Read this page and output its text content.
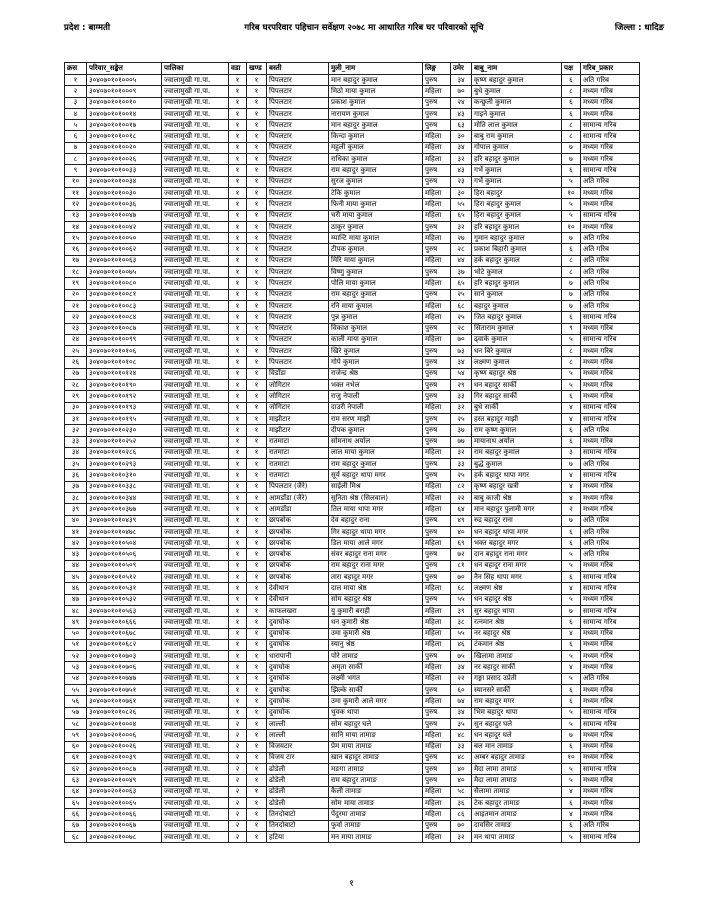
प्रदेश : बाग्मती	गरिब घरपरिवार पहिचान सर्वेक्षण २०७८ मा आधारित गरिब घर परिवारको सूचि	जिल्ला : धादिङ
क्रस	परिवार_सङ्केत	पालिका	वडा	खण्ड	बस्ती	मुली_नाम	लिङ्ग	उमेर	बाबु_नाम	पक्ष	गरिब_प्रकार
१	३०४०७०१०१०००५	ज्वालामुखी गा.पा.	१	१	पिपलटार	मान बहादुर कुमाल	पुरुष	३४	कृष्ण बहादुर कुमाल	६	अति गरिब
२	३०४०७०१०१०००९	ज्वालामुखी गा.पा.	१	१	पिपलटार	मिठो माया कुमाल	महिला	७०	बुधे कुमाल	८	मध्यम गरिब
३	३०४०७०१०१००१०	ज्वालामुखी गा.पा.	१	१	पिपलटार	प्रकाश कुमाल	पुरुष	२४	कन्छुली कुमाल	६	मध्यम गरिब
४	३०४०७०१०१००१४	ज्वालामुखी गा.पा.	१	१	पिपलटार	नारायण कुमाल	पुरुष	४३	गाइने कुमाल	६	मध्यम गरिब
५	३०४०७०१०१००१७	ज्वालामुखी गा.पा.	१	१	पिपलटार	मान बहादुर कुमाल	पुरुष	६३	मोति लाल कुमाल	८	सामान्य गरिब
६	३०४०७०१०१००१८	ज्वालामुखी गा.पा.	१	१	पिपलटार	किन्दा कुमाल	महिला	३०	बाबु राम कुमाल	८	सामान्य गरिब
७	३०४०७०१०१००२०	ज्वालामुखी गा.पा.	१	१	पिपलटार	महुली कुमाल	महिला	३४	गोपाल कुमाल	७	मध्यम गरिब
८	३०४०७०१०१००२६	ज्वालामुखी गा.पा.	१	१	पिपलटार	राधिका कुमाल	महिला	३२	हरि बहादुर कुमाल	७	मध्यम गरिब
९	३०४०७०१०१००३३	ज्वालामुखी गा.पा.	१	१	पिपलटार	राम बहादुर कुमाल	पुरुष	४३	गर्भे कुमाल	६	सामान्य गरिब
१०	३०४०७०१०१००३४	ज्वालामुखी गा.पा.	१	१	पिपलटार	सुरज कुमाल	पुरुष	२३	गर्भे कुमाल	५	अति गरिब
११	३०४०७०१०१००३०	ज्वालामुखी गा.पा.	१	१	पिपलटार	टेकि कुमाल	महिला	३०	हिरा बहादुर	१०	मध्यम गरिब
१२	३०४०७०१०१००३६	ज्वालामुखी गा.पा.	१	१	पिपलटार	फिनी माया कुमाल	महिला	५५	हिरा बहादुर कुमाल	५	मध्यम गरिब
१३	३०४०७०१०१००४७	ज्वालामुखी गा.पा.	१	१	पिपलटार	चरी माया कुमाल	महिला	६५	हिरा बहादुर कुमाल	५	सामान्य गरिब
१४	३०४०७०१०१००४२	ज्वालामुखी गा.पा.	१	१	पिपलटार	ठाकुर कुमाल	पुरुष	३२	हरि बहादुर कुमाल	१०	मध्यम गरिब
१५	३०४०७०१०१००५०	ज्वालामुखी गा.पा.	१	१	पिपलटार	म्यान्टि माया कुमाल	महिला	२७	गुमान बहादुर कुमाल	७	अति गरिब
१६	३०४०७०१०१००६२	ज्वालामुखी गा.पा.	१	१	पिपलटार	टीपक कुमाल	पुरुष	२८	प्रकाश बिहारी कुमाल	६	अति गरिब
१७	३०४०७०१०१००६३	ज्वालामुखी गा.पा.	१	१	पिपलटार	मिरि माया कुमाल	महिला	४४	हर्क बहादुर कुमाल	८	अति गरिब
१८	३०४०७०१०१००७५	ज्वालामुखी गा.पा.	१	१	पिपलटार	विष्णु कुमाल	पुरुष	३७	भोटे कुमाल	८	अति गरिब
१९	३०४०७०१०१००८०	ज्वालामुखी गा.पा.	१	१	पिपलटार	पोलि माया कुमाल	महिला	६५	हरि बहादुर कुमाल	७	अति गरिब
२०	३०४०७०१०१००८१	ज्वालामुखी गा.पा.	१	१	पिपलटार	राम बहादुर कुमाल	पुरुष	२५	साने कुमाल	७	अति गरिब
२१	३०४०७०१०१००८३	ज्वालामुखी गा.पा.	१	१	पिपलटार	रनि माया कुमाल	महिला	६८	बहादुर कुमाल	७	अति गरिब
२२	३०४०७०१०१००८४	ज्वालामुखी गा.पा.	१	१	पिपलटार	पुन्न कुमाल	महिला	२५	जित बहादुर कुमाल	६	सामान्य गरिब
२३	३०४०७०१०१००८७	ज्वालामुखी गा.पा.	१	१	पिपलटार	विकाश कुमाल	पुरुष	२८	सिताराम कुमाल	९	मध्यम गरिब
२४	३०४०७०१०१००९९	ज्वालामुखी गा.पा.	१	१	पिपलटार	काली माया कुमाल	महिला	७०	ढ्वाके कुमाल	५	सामान्य गरिब
२५	३०४०७०१०१०१०६	ज्वालामुखी गा.पा.	१	१	पिपलटार	खिरे कुमाल	पुरुष	७३	धन बिरे कुमाल	८	मध्यम गरिब
२६	३०४०७०१०१०१०८	ज्वालामुखी गा.पा.	१	१	पिपलटार	गोपे कुमाल	पुरुष	३४	लक्ष्मण कुमाल	८	मध्यम गरिब
२७	३०४०७०१०१०१२४	ज्वालामुखी गा.पा.	१	१	विडाँडा	राजेन्द्र श्रेष्ठ	पुरुष	५४	कृष्ण बहादुर श्रेष्ठ	५	मध्यम गरिब
२८	३०४०७०१०१०१९०	ज्वालामुखी गा.पा.	१	१	जोगिटार	भक्त नभेल	पुरुष	२९	धन बहादुर सार्की	५	मध्यम गरिब
२९	३०४०७०१०१०१९२	ज्वालामुखी गा.पा.	१	१	जोगिटार	राजु नेपाली	पुरुष	३३	गिर बहादुर सार्की	६	मध्यम गरिब
३०	३०४०७०१०१०१९३	ज्वालामुखी गा.पा.	१	१	जोगिटार	दाउरी नेपाली	महिला	३२	बुधे सार्की	४	सामान्य गरिब
३१	३०४०७०१०१०१९५	ज्वालामुखी गा.पा.	१	१	माझीटार	राम सरण माझी	पुरुष	२५	हस्त बहादुर माझी	४	सामान्य गरिब
३२	३०४०७०१०१०२३०	ज्वालामुखी गा.पा.	१	१	माझीटार	दीपक कुमाल	पुरुष	३७	राम कृष्ण कुमाल	६	अति गरिब
३३	३०४०७०१०१०२५२	ज्वालामुखी गा.पा.	१	१	रातमाटा	सोमनाथ अर्याल	पुरुष	७७	मायानाथ अर्याल	६	मध्यम गरिब
३४	३०४०७०१०१०२८६	ज्वालामुखी गा.पा.	१	१	रातमाटा	लाल माया कुमाल	महिला	३२	राम बहादुर कुमाल	३	सामान्य गरिब
३५	३०४०७०१०१०२९३	ज्वालामुखी गा.पा.	१	१	रातमाटा	राम बहादुर कुमाल	पुरुष	३३	बुद्धे कुमाल	७	अति गरिब
३६	३०४०७०१०१०३१०	ज्वालामुखी गा.पा.	१	१	रातमाटा	सूर्य बहादुर थापा मगर	पुरुष	२५	हर्क बहादुर थापा मगर	४	सामान्य गरिब
३७	३०४०७०१०१०३३८	ज्वालामुखी गा.पा.	१	१	पिपलटार (जैरे)	साईली मिश्र	महिला	८२	कृष्ण बहादुर खत्री	४	मध्यम गरिब
३८	३०४०७०१०१०३४४	ज्वालामुखी गा.पा.	१	१	आमडाँडा (जैरे)	सुनिता श्रेष्ठ (सिलवाल)	महिला	२२	बाबु काजी श्रेष्ठ	४	मध्यम गरिब
३९	३०४०७०१०१०३७७	ज्वालामुखी गा.पा.	१	१	आमडाँडा	तिल माया थापा मगर	महिला	६४	मान बहादुर पुलामी मगर	२	मध्यम गरिब
४०	३०४०७०१०१०४३९	ज्वालामुखी गा.पा.	१	१	छापबोक	देव बहादुर राना	पुरुष	४९	रुद्र बहादुर राना	७	अति गरिब
४१	३०४०७०१०१०४७८	ज्वालामुखी गा.पा.	१	१	छापबोक	गिर बहादुर थापा मगर	पुरुष	४०	धन बहादुर थापा मगर	६	अति गरिब
४२	३०४०७०१०१०५०४	ज्वालामुखी गा.पा.	१	१	छापबोक	डिल माया आले मगर	महिला	६९	भक्त बहादुर मगर	६	अति गरिब
४३	३०४०७०१०१०५०६	ज्वालामुखी गा.पा.	१	१	छापबोक	संवर बहादुर राना मगर	पुरुष	७२	दान बहादुर राना मगर	५	अति गरिब
४४	३०४०७०१०१०५०९	ज्वालामुखी गा.पा.	१	१	छापबोक	राम बहादुर राना मगर	पुरुष	८१	धन बहादुर राना मगर	५	मध्यम गरिब
४५	३०४०७०१०१०५१२	ज्वालामुखी गा.पा.	१	१	छापबोक	तारा बहादुर मगर	पुरुष	७०	नैन सिंह थापा मगर	६	सामान्य गरिब
४६	३०४०७०१०१०५३१	ज्वालामुखी गा.पा.	१	१	देवीथान	दाल माया श्रेष्ठ	महिला	६८	लक्ष्मण श्रेष्ठ	४	सामान्य गरिब
४७	३०४०७०१०१०५३२	ज्वालामुखी गा.पा.	१	१	देवीथान	सोम बहादुर श्रेष्ठ	पुरुष	५५	धन बहादुर श्रेष्ठ	५	मध्यम गरिब
४८	३०४०७०१०१०५६३	ज्वालामुखी गा.पा.	१	१	काफलखरा	यु कुमारी बराही	महिला	३९	सुर बहादुर थापा	७	सामान्य गरिब
४९	३०४०७०१०१०६६६	ज्वालामुखी गा.पा.	१	१	दुवाघोक	धन कुमारी श्रेष्ठ	महिला	३८	रत्नमान श्रेष्ठ	६	सामान्य गरिब
५०	३०४०७०१०१०६७८	ज्वालामुखी गा.पा.	१	१	दुवाघोक	उमा कुमारी श्रेष्ठ	महिला	५५	नर बहादुर श्रेष्ठ	४	मध्यम गरिब
५१	३०४०७०१०१०६८२	ज्वालामुखी गा.पा.	१	१	दुवाघोक	स्यानु श्रेष्ठ	महिला	४६	टंकमान श्रेष्ठ	६	मध्यम गरिब
५२	३०४०७०१०१०७०३	ज्वालामुखी गा.पा.	१	१	धारापानी	पोरे तामाङ	पुरुष	७५	खिलामा तामाङ	५	मध्यम गरिब
५३	३०४०७०१०१०७०६	ज्वालामुखी गा.पा.	१	१	दुवाघोक	अमृता सार्की	महिला	३४	नर बहादुर सार्की	४	मध्यम गरिब
५४	३०४०७०१०१०७४७	ज्वालामुखी गा.पा.	१	१	दुवाघोक	लक्ष्मी भगत	महिला	२२	गङ्गा प्रसाद उप्रेती	५	अति गरिब
५५	३०४०७०१०१०७५१	ज्वालामुखी गा.पा.	१	१	दुवाघोक	झिल्के सार्की	पुरुष	६०	स्यानसरे सार्की	६	मध्यम गरिब
५६	३०४०७०१०१०७६१	ज्वालामुखी गा.पा.	१	१	दुवाघोक	उमा कुमारी आले मगर	महिला	७४	राम बहादुर मगर	६	मध्यम गरिब
५७	३०४०७०१०१०८२६	ज्वालामुखी गा.पा.	१	१	दुवाघोक	थुवक थापा	पुरुष	३४	भिम बहादुर थापा	५	सामान्य गरिब
५८	३०४०७०२०१०००४	ज्वालामुखी गा.पा.	२	१	लाल्ली	सोम बहादुर घले	पुरुष	३५	सुन बहादुर घले	५	सामान्य गरिब
५९	३०४०७०२०१०००६	ज्वालामुखी गा.पा.	२	१	लाल्ली	सानि माया तामाङ	महिला	४८	धन बहादुर घले	७	मध्यम गरिब
६०	३०४०७०२०१००२६	ज्वालामुखी गा.पा.	२	१	विजयटार	प्रेम माया तामाङ	महिला	३३	बल मान तामाङ	६	मध्यम गरिब
६१	३०४०७०२०१००३९	ज्वालामुखी गा.पा.	२	१	विजय टार	खान बहादुर तामाङ	पुरुष	४८	अम्बर बहादुर तामाङ	१०	मध्यम गरिब
६२	३०४०७०२०१००८७	ज्वालामुखी गा.पा.	२	१	ढोडेली	मङगा तामाङ	पुरुष	४०	मैदा लामा तामाङ	५	सामान्य गरिब
६३	३०४०७०२०१००४९	ज्वालामुखी गा.पा.	२	१	ढोडेली	राम बहादुर तामाङ	पुरुष	४०	मैदा लामा तामाङ	५	मध्यम गरिब
६४	३०४०७०२०१००६३	ज्वालामुखी गा.पा.	२	१	ढोडेली	कैली तामाङ	महिला	५८	सैलामा तामाङ	४	मध्यम गरिब
६५	३०४०७०२०१००६५	ज्वालामुखी गा.पा.	२	१	ढोडेली	सोम माया तामाङ	महिला	३६	टेक बहादुर तामाङ	६	मध्यम गरिब
६६	३०४०७०२०१००६६	ज्वालामुखी गा.पा.	२	१	तिनदोबाटो	पेंदुरमा तामाङ	महिला	८६	आइतमान तामाङ	४	मध्यम गरिब
६७	३०४०७०२०१००६७	ज्वालामुखी गा.पा.	२	१	तिनदोबाटो	फुर्वा तामाङ	पुरुष	७०	दावसिर तामाङ	६	अति गरिब
६८	३०४०७०२०१००७८	ज्वालामुखी गा.पा.	२	१	हटिया	मन माया तामाङ	महिला	३२	मन थापा तामाङ	५	सामान्य गरिब
१
